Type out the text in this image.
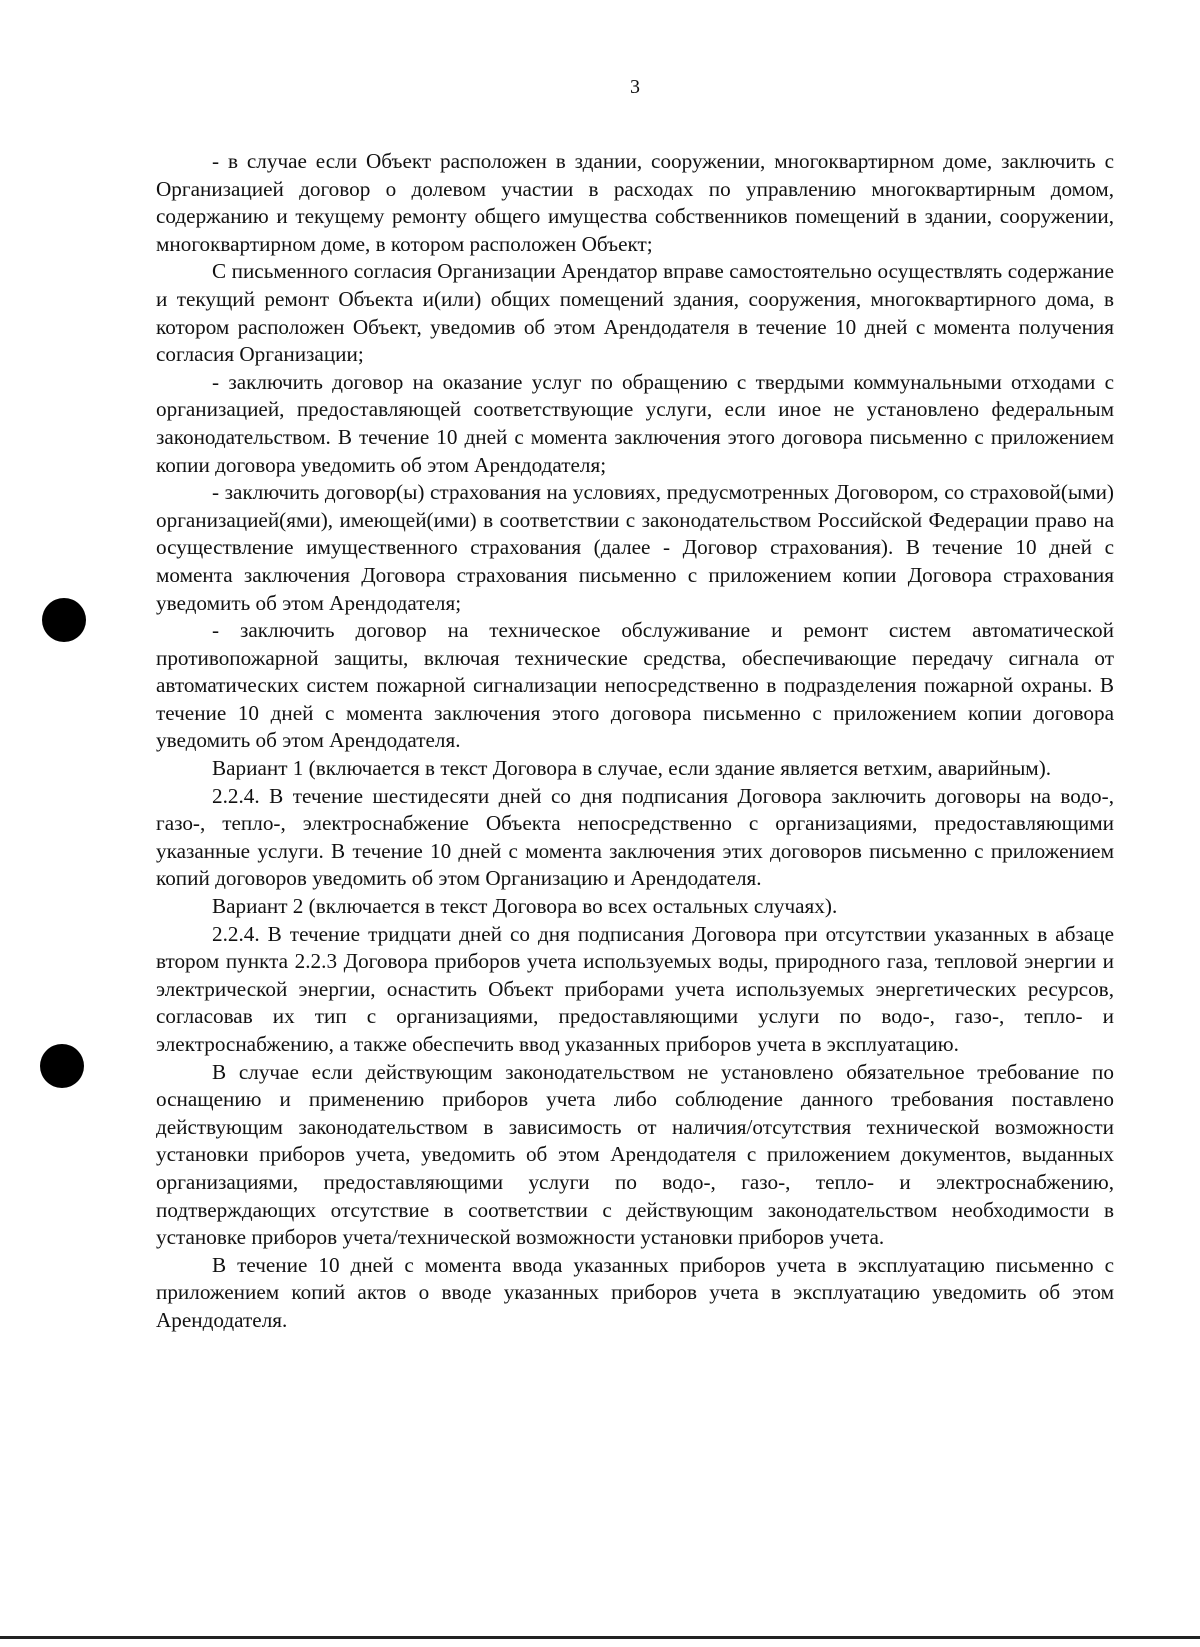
3

- в случае если Объект расположен в здании, сооружении, многоквартирном доме, заключить с Организацией договор о долевом участии в расходах по управлению многоквартирным домом, содержанию и текущему ремонту общего имущества собственников помещений в здании, сооружении, многоквартирном доме, в котором расположен Объект;

С письменного согласия Организации Арендатор вправе самостоятельно осуществлять содержание и текущий ремонт Объекта и(или) общих помещений здания, сооружения, многоквартирного дома, в котором расположен Объект, уведомив об этом Арендодателя в течение 10 дней с момента получения согласия Организации;

- заключить договор на оказание услуг по обращению с твердыми коммунальными отходами с организацией, предоставляющей соответствующие услуги, если иное не установлено федеральным законодательством. В течение 10 дней с момента заключения этого договора письменно с приложением копии договора уведомить об этом Арендодателя;

- заключить договор(ы) страхования на условиях, предусмотренных Договором, со страховой(ыми) организацией(ями), имеющей(ими) в соответствии с законодательством Российской Федерации право на осуществление имущественного страхования (далее - Договор страхования). В течение 10 дней с момента заключения Договора страхования письменно с приложением копии Договора страхования уведомить об этом Арендодателя;

- заключить договор на техническое обслуживание и ремонт систем автоматической противопожарной защиты, включая технические средства, обеспечивающие передачу сигнала от автоматических систем пожарной сигнализации непосредственно в подразделения пожарной охраны. В течение 10 дней с момента заключения этого договора письменно с приложением копии договора уведомить об этом Арендодателя.

Вариант 1 (включается в текст Договора в случае, если здание является ветхим, аварийным).

2.2.4. В течение шестидесяти дней со дня подписания Договора заключить договоры на водо-, газо-, тепло-, электроснабжение Объекта непосредственно с организациями, предоставляющими указанные услуги. В течение 10 дней с момента заключения этих договоров письменно с приложением копий договоров уведомить об этом Организацию и Арендодателя.

Вариант 2 (включается в текст Договора во всех остальных случаях).

2.2.4. В течение тридцати дней со дня подписания Договора при отсутствии указанных в абзаце втором пункта 2.2.3 Договора приборов учета используемых воды, природного газа, тепловой энергии и электрической энергии, оснастить Объект приборами учета используемых энергетических ресурсов, согласовав их тип с организациями, предоставляющими услуги по водо-, газо-, тепло- и электроснабжению, а также обеспечить ввод указанных приборов учета в эксплуатацию.

В случае если действующим законодательством не установлено обязательное требование по оснащению и применению приборов учета либо соблюдение данного требования поставлено действующим законодательством в зависимость от наличия/отсутствия технической возможности установки приборов учета, уведомить об этом Арендодателя с приложением документов, выданных организациями, предоставляющими услуги по водо-, газо-, тепло- и электроснабжению, подтверждающих отсутствие в соответствии с действующим законодательством необходимости в установке приборов учета/технической возможности установки приборов учета.

В течение 10 дней с момента ввода указанных приборов учета в эксплуатацию письменно с приложением копий актов о вводе указанных приборов учета в эксплуатацию уведомить об этом Арендодателя.
